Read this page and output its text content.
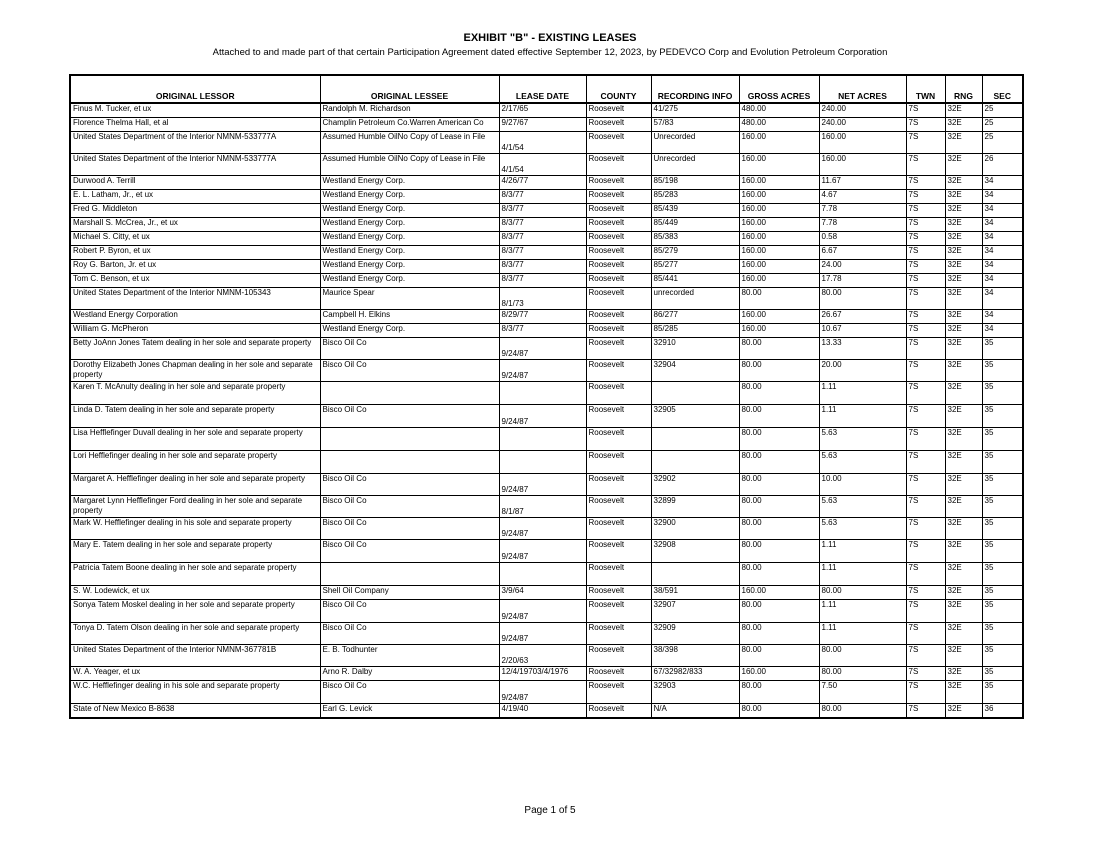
EXHIBIT "B" - EXISTING LEASES
Attached to and made part of that certain Participation Agreement dated effective September 12, 2023, by PEDEVCO Corp and Evolution Petroleum Corporation
ORIGINAL LESSOR	ORIGINAL LESSEE	LEASE DATE	COUNTY	RECORDING INFO	GROSS ACRES	NET ACRES	TWN	RNG	SEC
Finus M. Tucker, et ux	Randolph M. Richardson	2/17/65	Roosevelt	41/275	480.00	240.00	7S	32E	25
Florence Thelma Hall, et al	Champlin Petroleum Co.Warren American Co	9/27/67	Roosevelt	57/83	480.00	240.00	7S	32E	25
United States Department of the Interior NMNM-533777A	Assumed Humble OilNo Copy of Lease in File	4/1/54	Roosevelt	Unrecorded	160.00	160.00	7S	32E	25
United States Department of the Interior NMNM-533777A	Assumed Humble OilNo Copy of Lease in File	4/1/54	Roosevelt	Unrecorded	160.00	160.00	7S	32E	26
Durwood A. Terrill	Westland Energy Corp.	4/26/77	Roosevelt	85/198	160.00	11.67	7S	32E	34
E. L. Latham, Jr., et ux	Westland Energy Corp.	8/3/77	Roosevelt	85/283	160.00	4.67	7S	32E	34
Fred G. Middleton	Westland Energy Corp.	8/3/77	Roosevelt	85/439	160.00	7.78	7S	32E	34
Marshall S. McCrea, Jr., et ux	Westland Energy Corp.	8/3/77	Roosevelt	85/449	160.00	7.78	7S	32E	34
Michael S. Citty, et ux	Westland Energy Corp.	8/3/77	Roosevelt	85/383	160.00	0.58	7S	32E	34
Robert P. Byron, et ux	Westland Energy Corp.	8/3/77	Roosevelt	85/279	160.00	6.67	7S	32E	34
Roy G. Barton, Jr. et ux	Westland Energy Corp.	8/3/77	Roosevelt	85/277	160.00	24.00	7S	32E	34
Tom C. Benson, et ux	Westland Energy Corp.	8/3/77	Roosevelt	85/441	160.00	17.78	7S	32E	34
United States Department of the Interior NMNM-105343	Maurice Spear	8/1/73	Roosevelt	unrecorded	80.00	80.00	7S	32E	34
Westland Energy Corporation	Campbell H. Elkins	8/29/77	Roosevelt	86/277	160.00	26.67	7S	32E	34
William G. McPheron	Westland Energy Corp.	8/3/77	Roosevelt	85/285	160.00	10.67	7S	32E	34
Betty JoAnn Jones Tatem dealing in her sole and separate property	Bisco Oil Co	9/24/87	Roosevelt	32910	80.00	13.33	7S	32E	35
Dorothy Elizabeth Jones Chapman dealing in her sole and separate property	Bisco Oil Co	9/24/87	Roosevelt	32904	80.00	20.00	7S	32E	35
Karen T. McAnulty dealing in her sole and separate property			Roosevelt		80.00	1.11	7S	32E	35
Linda D. Tatem dealing in her sole and separate property	Bisco Oil Co	9/24/87	Roosevelt	32905	80.00	1.11	7S	32E	35
Lisa Hefflefinger Duvall dealing in her sole and separate property			Roosevelt		80.00	5.63	7S	32E	35
Lori Hefflefinger dealing in her sole and separate property			Roosevelt		80.00	5.63	7S	32E	35
Margaret A. Hefflefinger dealing in her sole and separate property	Bisco Oil Co	9/24/87	Roosevelt	32902	80.00	10.00	7S	32E	35
Margaret Lynn Hefflefinger Ford dealing in her sole and separate property	Bisco Oil Co	8/1/87	Roosevelt	32899	80.00	5.63	7S	32E	35
Mark W. Hefflefinger dealing in his sole and separate property	Bisco Oil Co	9/24/87	Roosevelt	32900	80.00	5.63	7S	32E	35
Mary E. Tatem dealing in her sole and separate property	Bisco Oil Co	9/24/87	Roosevelt	32908	80.00	1.11	7S	32E	35
Patricia Tatem Boone dealing in her sole and separate property			Roosevelt		80.00	1.11	7S	32E	35
S. W. Lodewick, et ux	Shell Oil Company	3/9/64	Roosevelt	38/591	160.00	80.00	7S	32E	35
Sonya Tatem Moskel dealing in her sole and separate property	Bisco Oil Co	9/24/87	Roosevelt	32907	80.00	1.11	7S	32E	35
Tonya D. Tatem Olson dealing in her sole and separate property	Bisco Oil Co	9/24/87	Roosevelt	32909	80.00	1.11	7S	32E	35
United States Department of the Interior NMNM-367781B	E. B. Todhunter	2/20/63	Roosevelt	38/398	80.00	80.00	7S	32E	35
W. A. Yeager, et ux	Arno R. Dalby	12/4/19703/4/1976	Roosevelt	67/32982/833	160.00	80.00	7S	32E	35
W.C. Hefflefinger dealing in his sole and separate property	Bisco Oil Co	9/24/87	Roosevelt	32903	80.00	7.50	7S	32E	35
State of New Mexico B-8638	Earl G. Levick	4/19/40	Roosevelt	N/A	80.00	80.00	7S	32E	36
Page 1 of 5
